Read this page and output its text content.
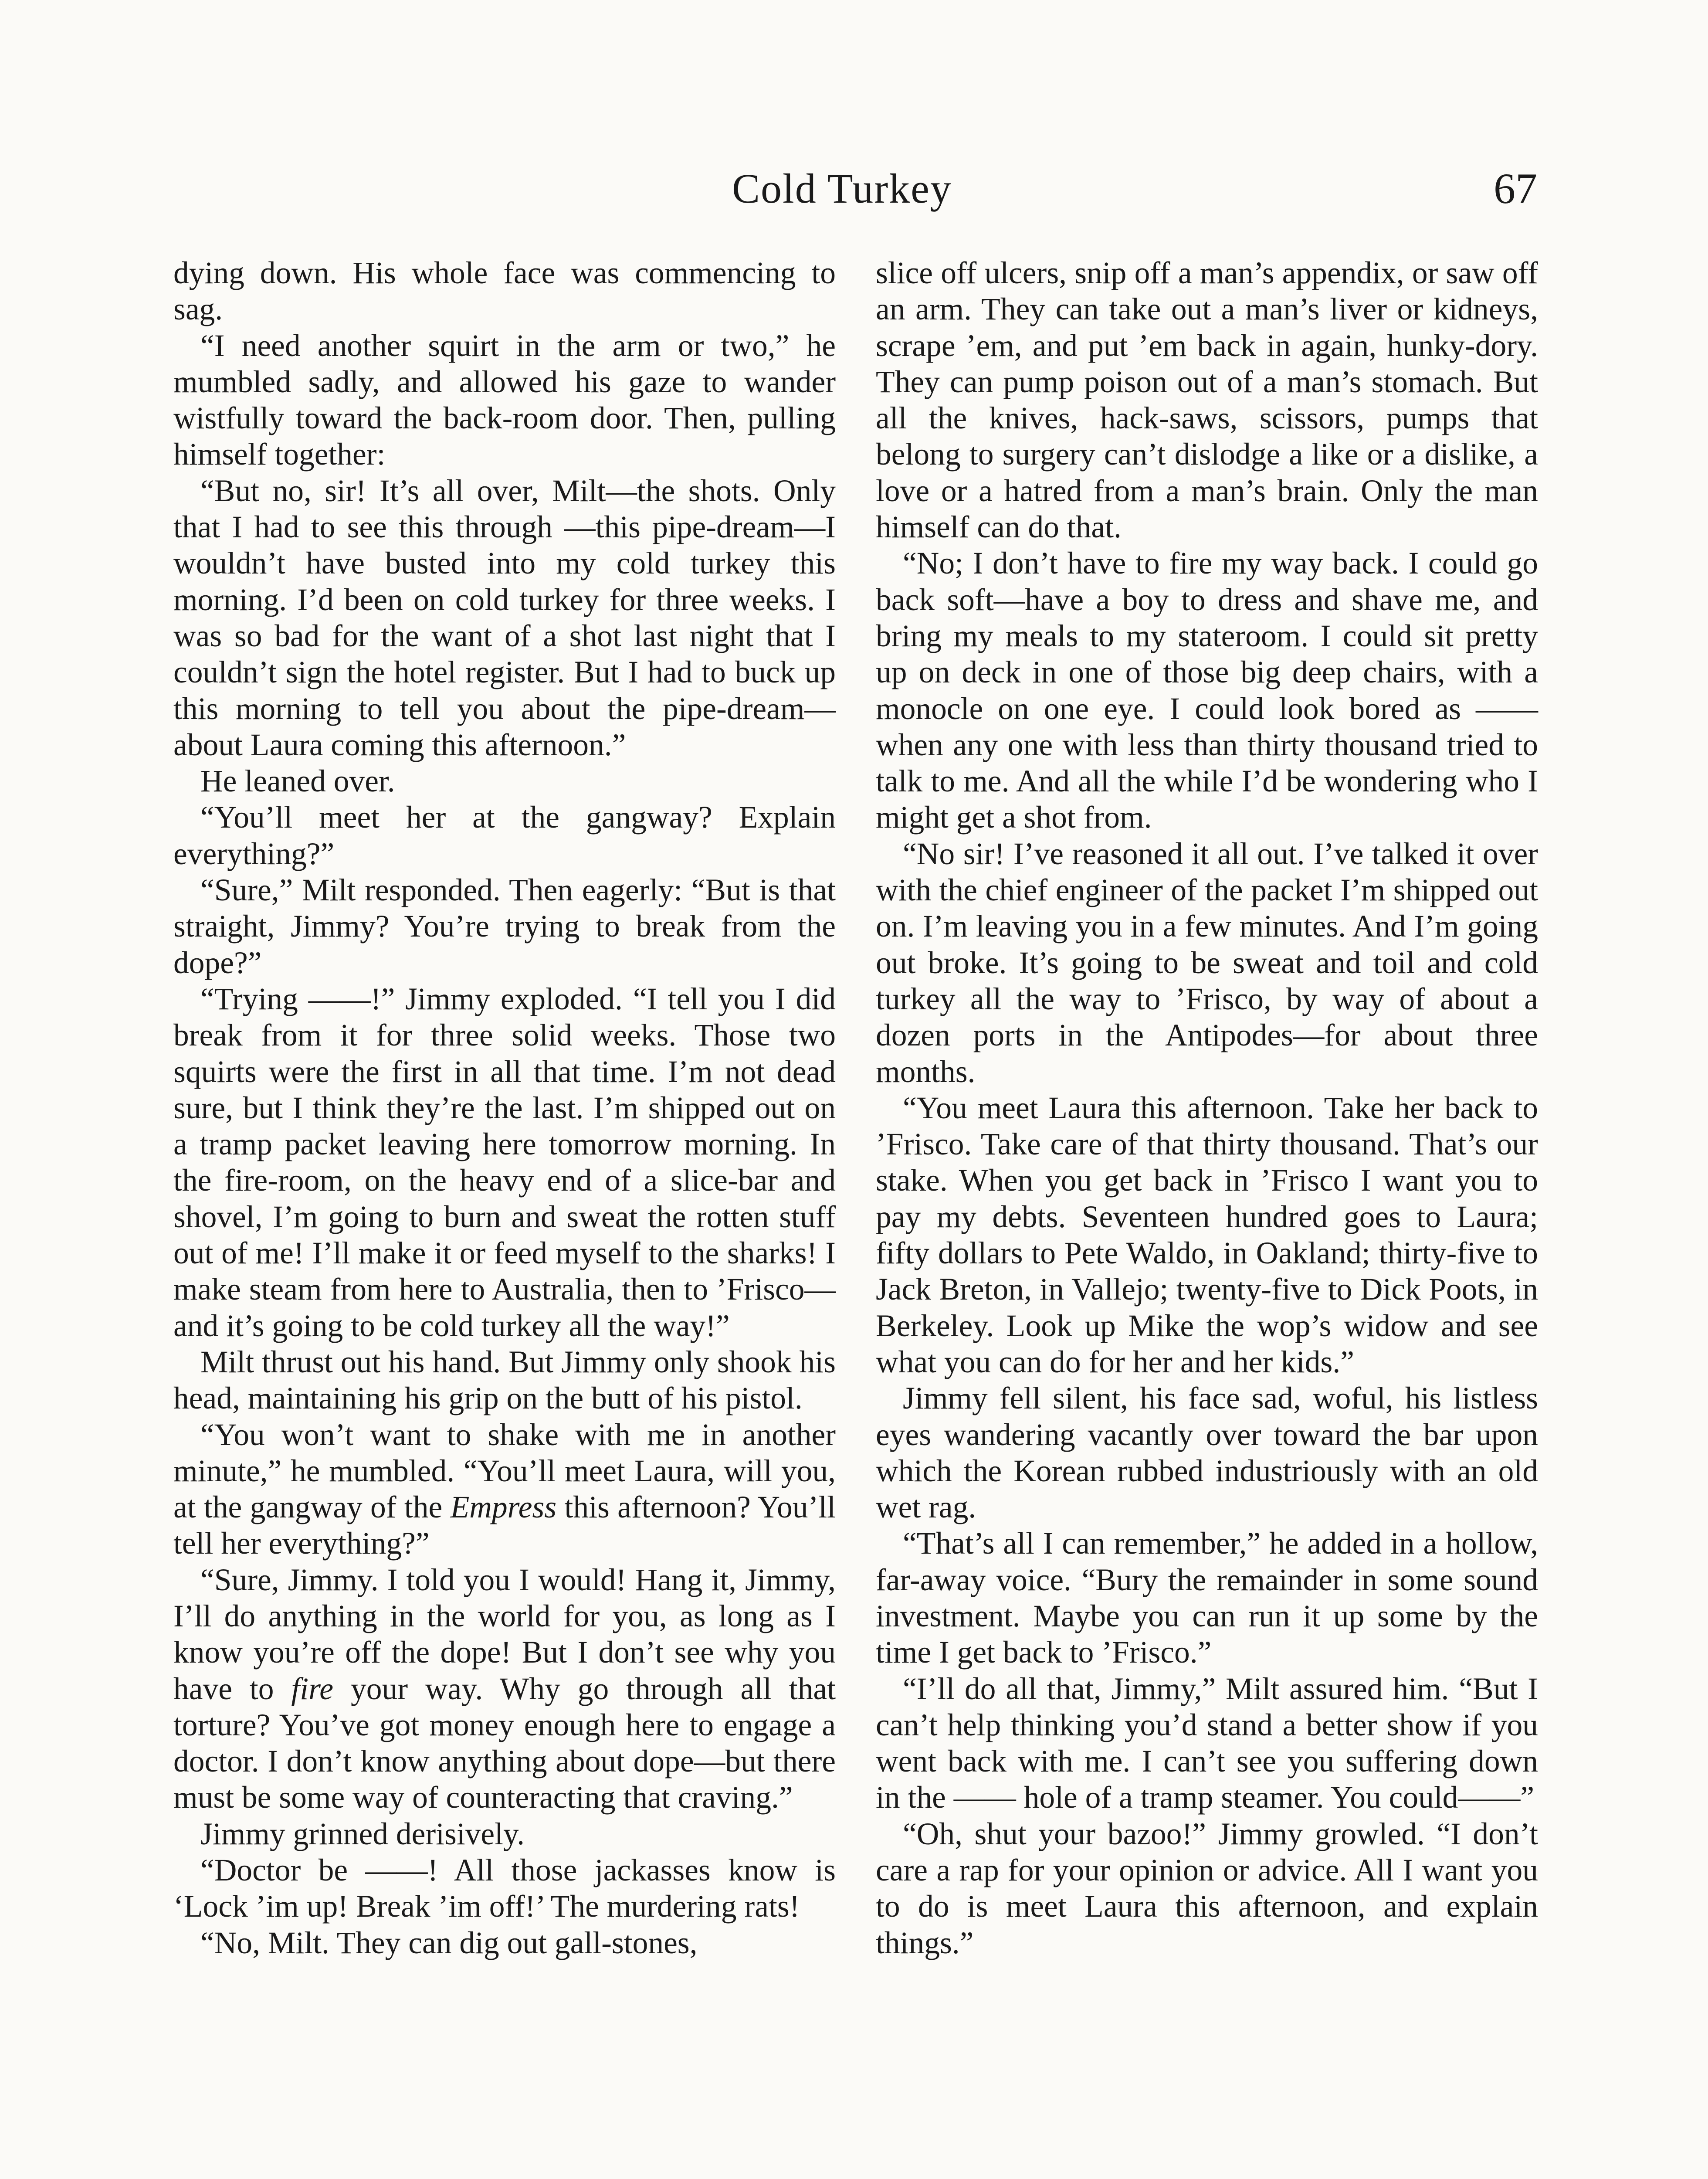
Cold Turkey	67

dying down. His whole face was commencing to sag.

“I need another squirt in the arm or two,” he mumbled sadly, and allowed his gaze to wander wistfully toward the back-room door. Then, pulling himself together:

“But no, sir! It’s all over, Milt—the shots. Only that I had to see this through —this pipe-dream—I wouldn’t have busted into my cold turkey this morning. I’d been on cold turkey for three weeks. I was so bad for the want of a shot last night that I couldn’t sign the hotel register. But I had to buck up this morning to tell you about the pipe-dream—about Laura coming this afternoon.”

He leaned over.

“You’ll meet her at the gangway? Explain everything?”

“Sure,” Milt responded. Then eagerly: “But is that straight, Jimmy? You’re trying to break from the dope?”

“Trying ——!” Jimmy exploded. “I tell you I did break from it for three solid weeks. Those two squirts were the first in all that time. I’m not dead sure, but I think they’re the last. I’m shipped out on a tramp packet leaving here tomorrow morning. In the fire-room, on the heavy end of a slice-bar and shovel, I’m going to burn and sweat the rotten stuff out of me! I’ll make it or feed myself to the sharks! I make steam from here to Australia, then to ’Frisco—and it’s going to be cold turkey all the way!”

Milt thrust out his hand. But Jimmy only shook his head, maintaining his grip on the butt of his pistol.

“You won’t want to shake with me in another minute,” he mumbled. “You’ll meet Laura, will you, at the gangway of the Empress this afternoon? You’ll tell her everything?”

“Sure, Jimmy. I told you I would! Hang it, Jimmy, I’ll do anything in the world for you, as long as I know you’re off the dope! But I don’t see why you have to fire your way. Why go through all that torture? You’ve got money enough here to engage a doctor. I don’t know anything about dope—but there must be some way of counteracting that craving.”

Jimmy grinned derisively.

“Doctor be ——! All those jackasses know is ‘Lock ’im up! Break ’im off!’ The murdering rats!

“No, Milt. They can dig out gall-stones,

slice off ulcers, snip off a man’s appendix, or saw off an arm. They can take out a man’s liver or kidneys, scrape ’em, and put ’em back in again, hunky-dory. They can pump poison out of a man’s stomach. But all the knives, hack-saws, scissors, pumps that belong to surgery can’t dislodge a like or a dislike, a love or a hatred from a man’s brain. Only the man himself can do that.

“No; I don’t have to fire my way back. I could go back soft—have a boy to dress and shave me, and bring my meals to my stateroom. I could sit pretty up on deck in one of those big deep chairs, with a monocle on one eye. I could look bored as —— when any one with less than thirty thousand tried to talk to me. And all the while I’d be wondering who I might get a shot from.

“No sir! I’ve reasoned it all out. I’ve talked it over with the chief engineer of the packet I’m shipped out on. I’m leaving you in a few minutes. And I’m going out broke. It’s going to be sweat and toil and cold turkey all the way to ’Frisco, by way of about a dozen ports in the Antipodes—for about three months.

“You meet Laura this afternoon. Take her back to ’Frisco. Take care of that thirty thousand. That’s our stake. When you get back in ’Frisco I want you to pay my debts. Seventeen hundred goes to Laura; fifty dollars to Pete Waldo, in Oakland; thirty-five to Jack Breton, in Vallejo; twenty-five to Dick Poots, in Berkeley. Look up Mike the wop’s widow and see what you can do for her and her kids.”

Jimmy fell silent, his face sad, woful, his listless eyes wandering vacantly over toward the bar upon which the Korean rubbed industriously with an old wet rag.

“That’s all I can remember,” he added in a hollow, far-away voice. “Bury the remainder in some sound investment. Maybe you can run it up some by the time I get back to ’Frisco.”

“I’ll do all that, Jimmy,” Milt assured him. “But I can’t help thinking you’d stand a better show if you went back with me. I can’t see you suffering down in the —— hole of a tramp steamer. You could——”

“Oh, shut your bazoo!” Jimmy growled. “I don’t care a rap for your opinion or advice. All I want you to do is meet Laura this afternoon, and explain things.”
